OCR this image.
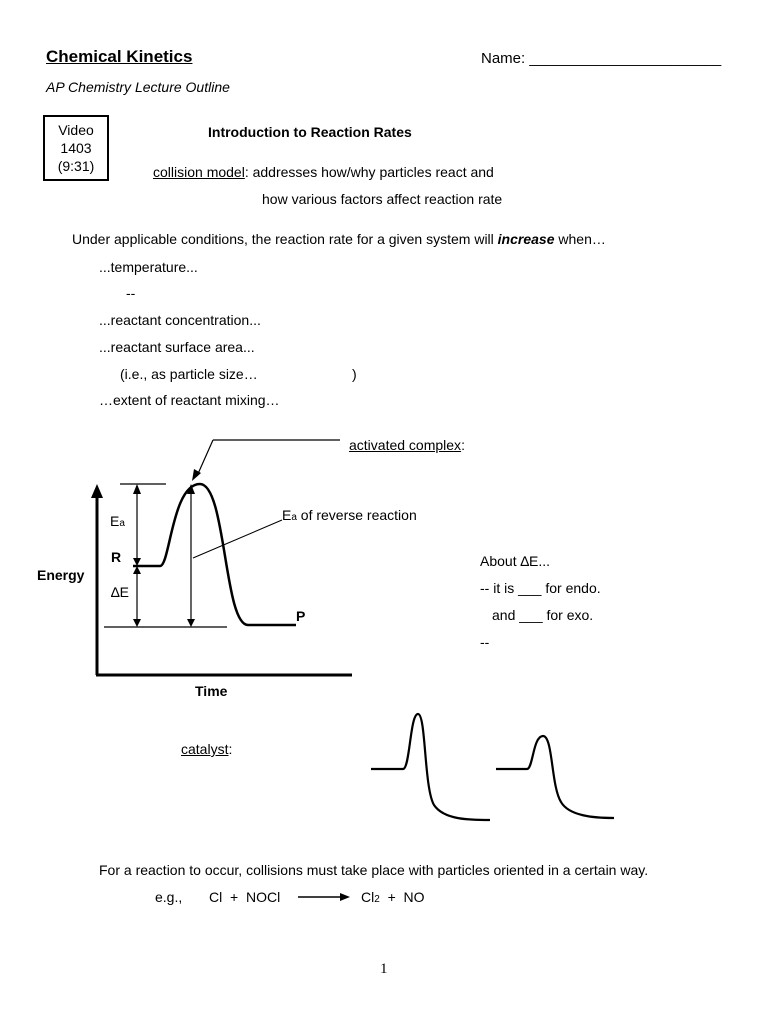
Chemical Kinetics	Name: _______________________
AP Chemistry Lecture Outline
Video
1403
(9:31)
Introduction to Reaction Rates
collision model: addresses how/why particles react and
how various factors affect reaction rate
Under applicable conditions, the reaction rate for a given system will increase when…
...temperature...
--
...reactant concentration...
...reactant surface area...
(i.e., as particle size…	)
…extent of reactant mixing…
activated complex:
Ea
Ea of reverse reaction
R
∆E
P
Energy
Time
About ∆E...
-- it is ___ for endo.
and ___ for exo.
--
catalyst:
For a reaction to occur, collisions must take place with particles oriented in a certain way.
e.g., Cl  +  NOCl	Cl2  +  NO
1
